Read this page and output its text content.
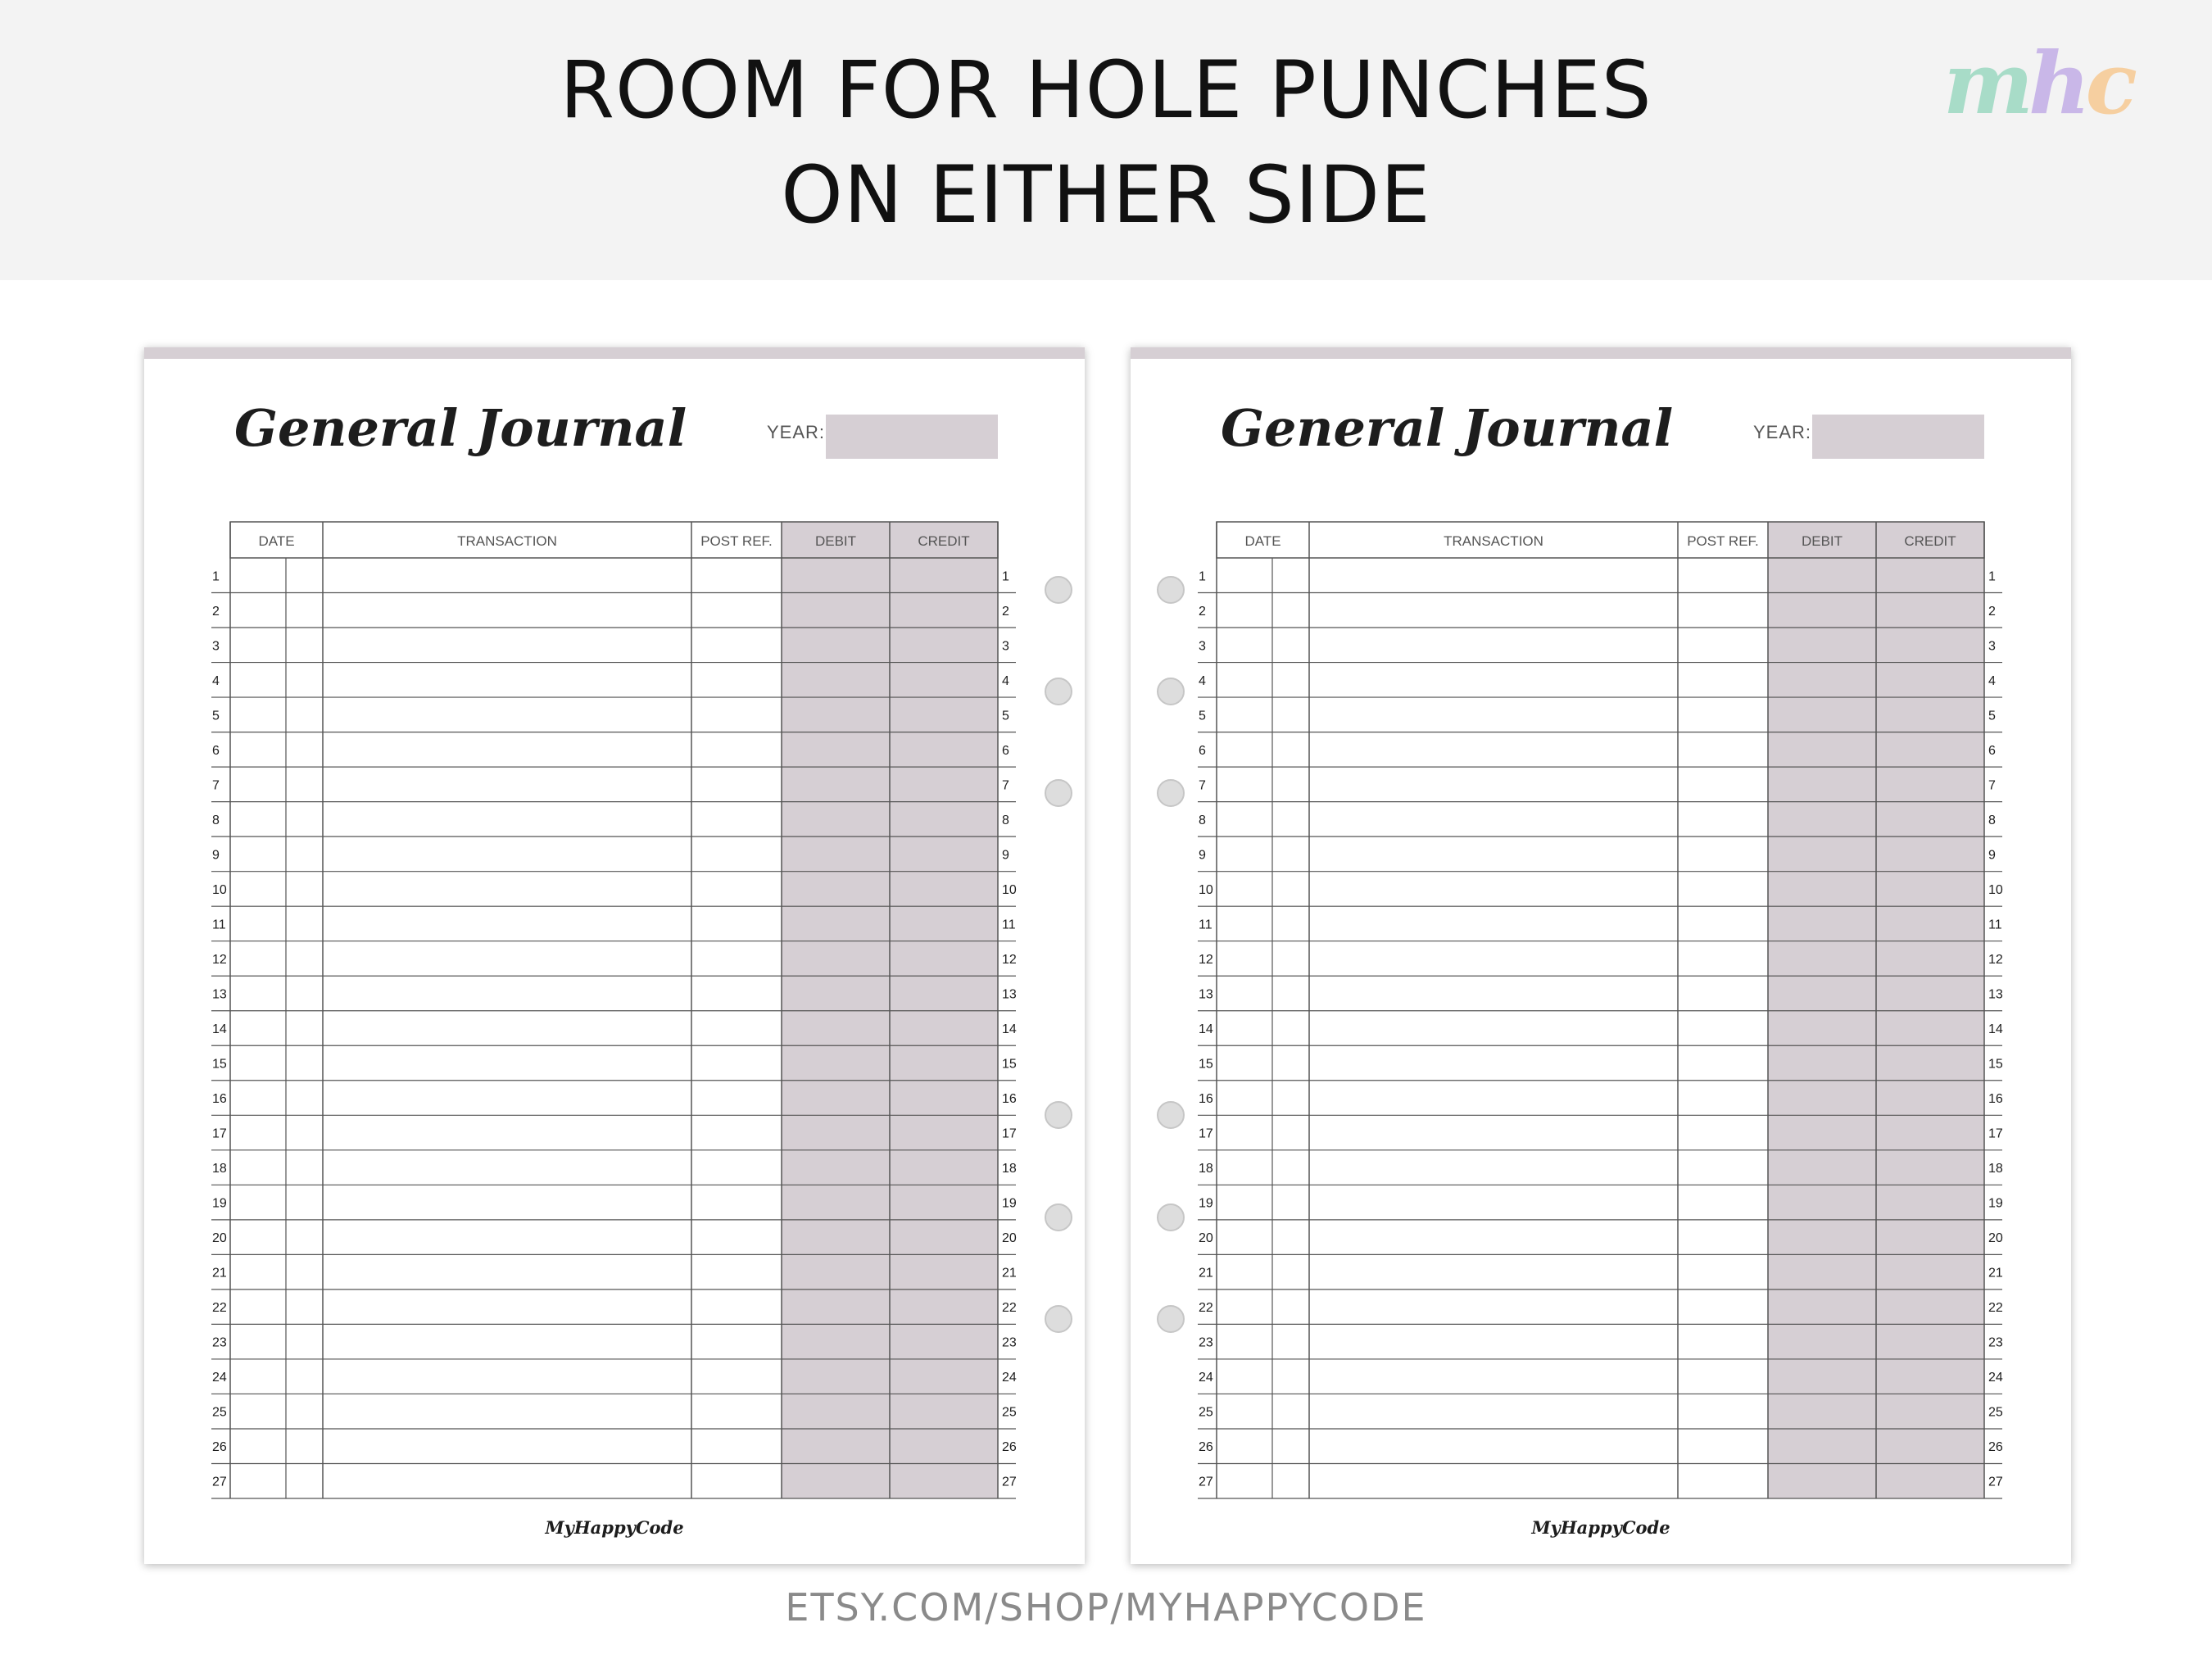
ROOM FOR HOLE PUNCHES
ON EITHER SIDE
mhc
General Journal	YEAR:
DATE	TRANSACTION	POST REF.	DEBIT	CREDIT
1	1
2	2
3	3
4	4
5	5
6	6
7	7
8	8
9	9
10	10
11	11
12	12
13	13
14	14
15	15
16	16
17	17
18	18
19	19
20	20
21	21
22	22
23	23
24	24
25	25
26	26
27	27
MyHappyCode
General Journal	YEAR:
DATE	TRANSACTION	POST REF.	DEBIT	CREDIT
1	1
2	2
3	3
4	4
5	5
6	6
7	7
8	8
9	9
10	10
11	11
12	12
13	13
14	14
15	15
16	16
17	17
18	18
19	19
20	20
21	21
22	22
23	23
24	24
25	25
26	26
27	27
MyHappyCode
ETSY.COM/SHOP/MYHAPPYCODE
